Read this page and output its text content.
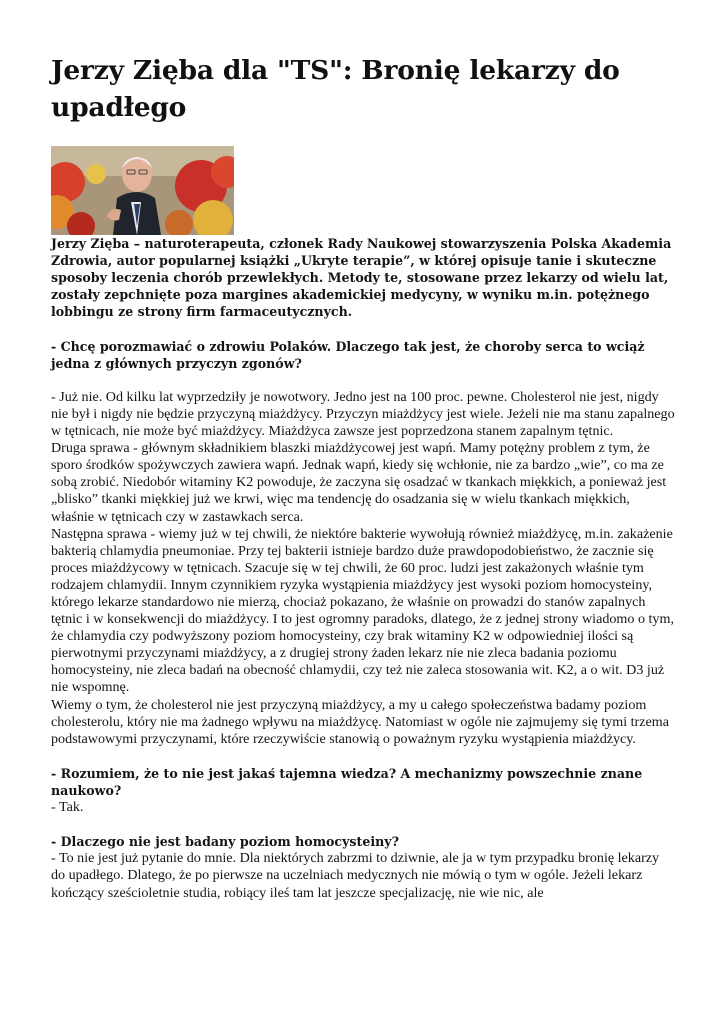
Jerzy Zięba dla "TS": Bronię lekarzy do upadłego

Jerzy Zięba – naturoterapeuta, członek Rady Naukowej stowarzyszenia Polska Akademia Zdrowia, autor popularnej książki „Ukryte terapie”, w której opisuje tanie i skuteczne sposoby leczenia chorób przewlekłych. Metody te, stosowane przez lekarzy od wielu lat, zostały zepchnięte poza margines akademickiej medycyny, w wyniku m.in. potężnego lobbingu ze strony firm farmaceutycznych.

- Chcę porozmawiać o zdrowiu Polaków. Dlaczego tak jest, że choroby serca to wciąż jedna z głównych przyczyn zgonów?

- Już nie. Od kilku lat wyprzedziły je nowotwory. Jedno jest na 100 proc. pewne. Cholesterol nie jest, nigdy nie był i nigdy nie będzie przyczyną miażdżycy. Przyczyn miażdżycy jest wiele. Jeżeli nie ma stanu zapalnego w tętnicach, nie może być miażdżycy. Miażdżyca zawsze jest poprzedzona stanem zapalnym tętnic.

Druga sprawa - głównym składnikiem blaszki miażdżycowej jest wapń. Mamy potężny problem z tym, że sporo środków spożywczych zawiera wapń. Jednak wapń, kiedy się wchłonie, nie za bardzo „wie”, co ma ze sobą zrobić. Niedobór witaminy K2 powoduje, że zaczyna się osadzać w tkankach miękkich, a ponieważ jest „blisko” tkanki miękkiej już we krwi, więc ma tendencję do osadzania się w wielu tkankach miękkich, właśnie w tętnicach czy w zastawkach serca.

Następna sprawa - wiemy już w tej chwili, że niektóre bakterie wywołują również miażdżycę, m.in. zakażenie bakterią chlamydia pneumoniae. Przy tej bakterii istnieje bardzo duże prawdopodobieństwo, że zacznie się proces miażdżycowy w tętnicach. Szacuje się w tej chwili, że 60 proc. ludzi jest zakażonych właśnie tym rodzajem chlamydii. Innym czynnikiem ryzyka wystąpienia miażdżycy jest wysoki poziom homocysteiny, którego lekarze standardowo nie mierzą, chociaż pokazano, że właśnie on prowadzi do stanów zapalnych tętnic i w konsekwencji do miażdżycy. I to jest ogromny paradoks, dlatego, że z jednej strony wiadomo o tym, że chlamydia czy podwyższony poziom homocysteiny, czy brak witaminy K2 w odpowiedniej ilości są pierwotnymi przyczynami miażdżycy, a z drugiej strony żaden lekarz nie nie zleca badania poziomu homocysteiny, nie zleca badań na obecność chlamydii, czy też nie zaleca stosowania wit. K2, a o wit. D3 już nie wspomnę.

Wiemy o tym, że cholesterol nie jest przyczyną miażdżycy, a my u całego społeczeństwa badamy poziom cholesterolu, który nie ma żadnego wpływu na miażdżycę. Natomiast w ogóle nie zajmujemy się tymi trzema podstawowymi przyczynami, które rzeczywiście stanowią o poważnym ryzyku wystąpienia miażdżycy.

- Rozumiem, że to nie jest jakaś tajemna wiedza? A mechanizmy powszechnie znane naukowo?

- Tak.

- Dlaczego nie jest badany poziom homocysteiny?

- To nie jest już pytanie do mnie. Dla niektórych zabrzmi to dziwnie, ale ja w tym przypadku bronię lekarzy do upadłego. Dlatego, że po pierwsze na uczelniach medycznych nie mówią o tym w ogóle. Jeżeli lekarz kończący sześcioletnie studia, robiący ileś tam lat jeszcze specjalizację, nie wie nic, ale
